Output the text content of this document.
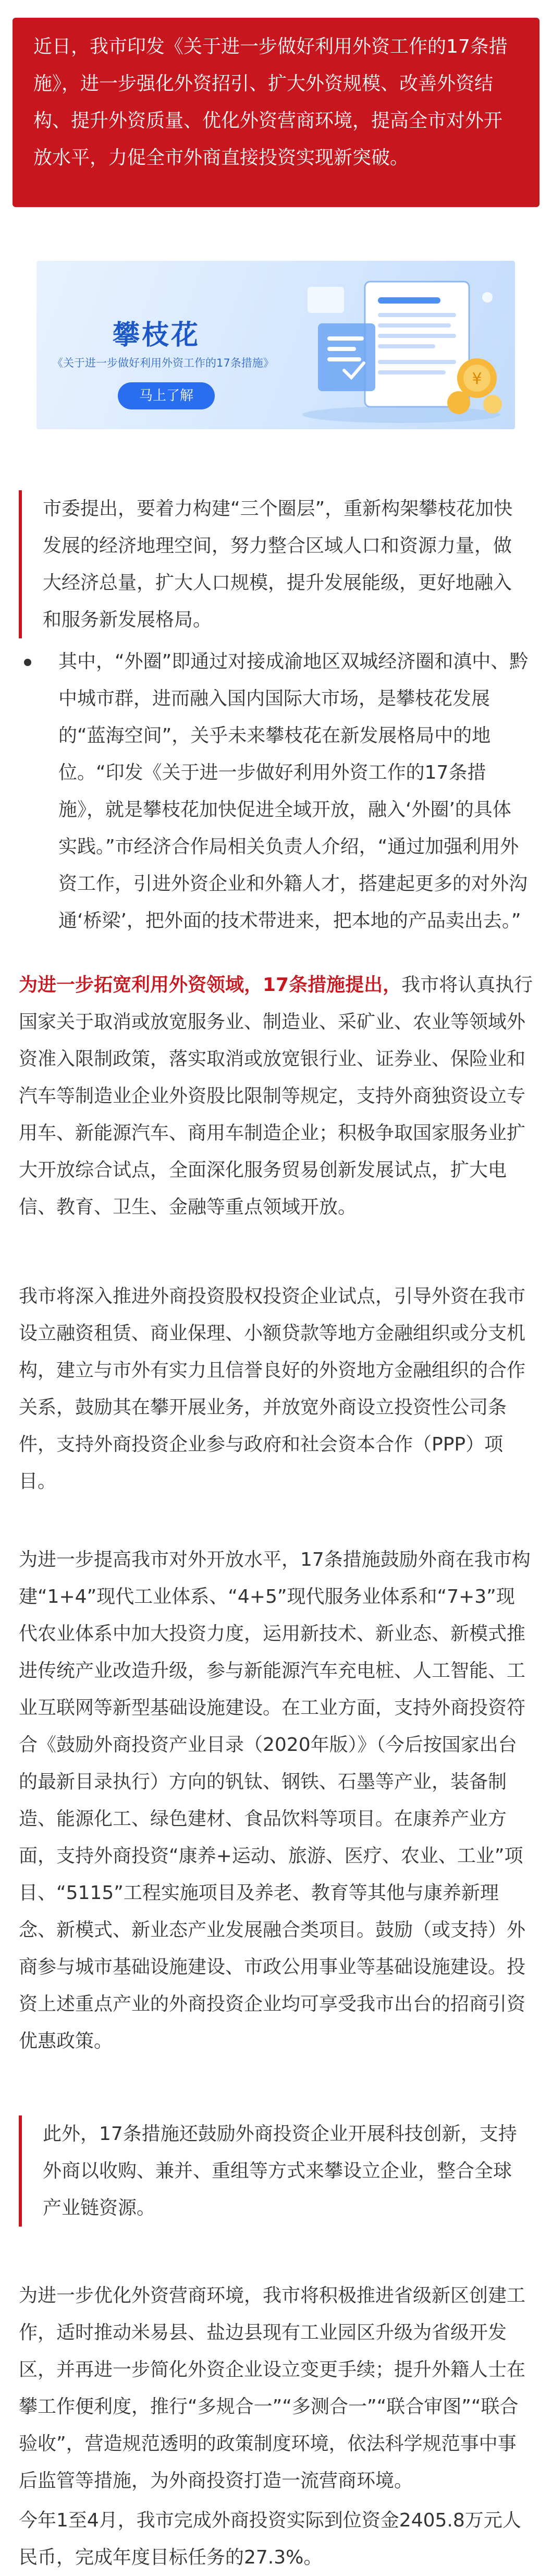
近日，我市印发《关于进一步做好利用外资工作的17条措施》，进一步强化外资招引、扩大外资规模、改善外资结构、提升外资质量、优化外资营商环境，提高全市对外开放水平，力促全市外商直接投资实现新突破。

攀枝花
《关于进一步做好利用外资工作的17条措施》
马上了解
¥

市委提出，要着力构建“三个圈层”，重新构架攀枝花加快发展的经济地理空间，努力整合区域人口和资源力量，做大经济总量，扩大人口规模，提升发展能级，更好地融入和服务新发展格局。

其中，“外圈”即通过对接成渝地区双城经济圈和滇中、黔中城市群，进而融入国内国际大市场，是攀枝花发展的“蓝海空间”，关乎未来攀枝花在新发展格局中的地位。“印发《关于进一步做好利用外资工作的17条措施》，就是攀枝花加快促进全域开放，融入‘外圈’的具体实践。”市经济合作局相关负责人介绍，“通过加强利用外资工作，引进外资企业和外籍人才，搭建起更多的对外沟通‘桥梁’，把外面的技术带进来，把本地的产品卖出去。”

为进一步拓宽利用外资领域，17条措施提出，我市将认真执行国家关于取消或放宽服务业、制造业、采矿业、农业等领域外资准入限制政策，落实取消或放宽银行业、证券业、保险业和汽车等制造业企业外资股比限制等规定，支持外商独资设立专用车、新能源汽车、商用车制造企业；积极争取国家服务业扩大开放综合试点，全面深化服务贸易创新发展试点，扩大电信、教育、卫生、金融等重点领域开放。

我市将深入推进外商投资股权投资企业试点，引导外资在我市设立融资租赁、商业保理、小额贷款等地方金融组织或分支机构，建立与市外有实力且信誉良好的外资地方金融组织的合作关系，鼓励其在攀开展业务，并放宽外商设立投资性公司条件，支持外商投资企业参与政府和社会资本合作（PPP）项目。

为进一步提高我市对外开放水平，17条措施鼓励外商在我市构建“1+4”现代工业体系、“4+5”现代服务业体系和“7+3”现代农业体系中加大投资力度，运用新技术、新业态、新模式推进传统产业改造升级，参与新能源汽车充电桩、人工智能、工业互联网等新型基础设施建设。在工业方面，支持外商投资符合《鼓励外商投资产业目录（2020年版）》（今后按国家出台的最新目录执行）方向的钒钛、钢铁、石墨等产业，装备制造、能源化工、绿色建材、食品饮料等项目。在康养产业方面，支持外商投资“康养+运动、旅游、医疗、农业、工业”项目、“5115”工程实施项目及养老、教育等其他与康养新理念、新模式、新业态产业发展融合类项目。鼓励（或支持）外商参与城市基础设施建设、市政公用事业等基础设施建设。投资上述重点产业的外商投资企业均可享受我市出台的招商引资优惠政策。

此外，17条措施还鼓励外商投资企业开展科技创新，支持外商以收购、兼并、重组等方式来攀设立企业，整合全球产业链资源。

为进一步优化外资营商环境，我市将积极推进省级新区创建工作，适时推动米易县、盐边县现有工业园区升级为省级开发区，并再进一步简化外资企业设立变更手续；提升外籍人士在攀工作便利度，推行“多规合一”“多测合一”“联合审图”“联合验收”，营造规范透明的政策制度环境，依法科学规范事中事后监管等措施，为外商投资打造一流营商环境。

今年1至4月，我市完成外商投资实际到位资金2405.8万元人民币，完成年度目标任务的27.3%。
